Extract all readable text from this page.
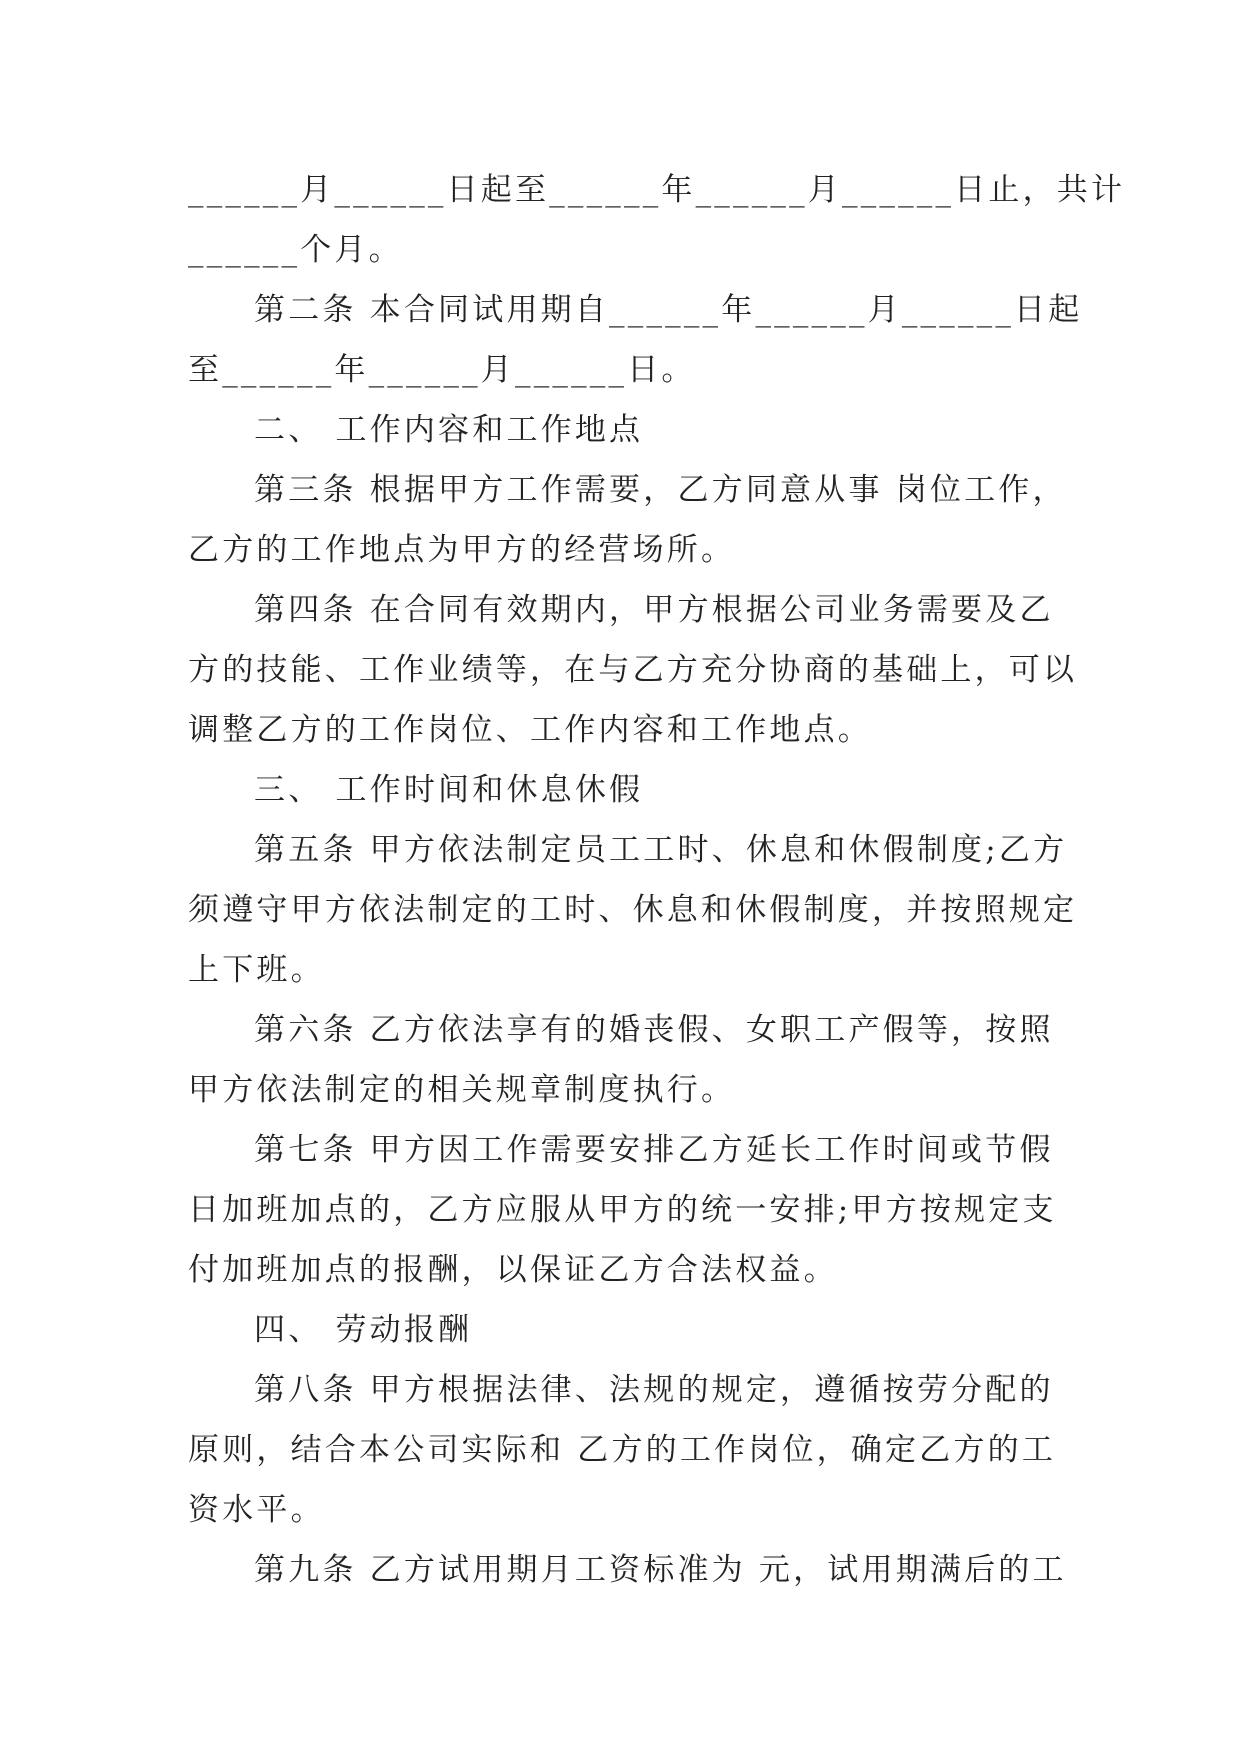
______月______日起至______年______月______日止，共计
______个月。
第二条 本合同试用期自______年______月______日起
至______年______月______日。
二、 工作内容和工作地点
第三条 根据甲方工作需要，乙方同意从事 岗位工作，
乙方的工作地点为甲方的经营场所。
第四条 在合同有效期内，甲方根据公司业务需要及乙
方的技能、工作业绩等，在与乙方充分协商的基础上，可以
调整乙方的工作岗位、工作内容和工作地点。
三、 工作时间和休息休假
第五条 甲方依法制定员工工时、休息和休假制度;乙方
须遵守甲方依法制定的工时、休息和休假制度，并按照规定
上下班。
第六条 乙方依法享有的婚丧假、女职工产假等，按照
甲方依法制定的相关规章制度执行。
第七条 甲方因工作需要安排乙方延长工作时间或节假
日加班加点的，乙方应服从甲方的统一安排;甲方按规定支
付加班加点的报酬，以保证乙方合法权益。
四、 劳动报酬
第八条 甲方根据法律、法规的规定，遵循按劳分配的
原则，结合本公司实际和 乙方的工作岗位，确定乙方的工
资水平。
第九条 乙方试用期月工资标准为 元，试用期满后的工
